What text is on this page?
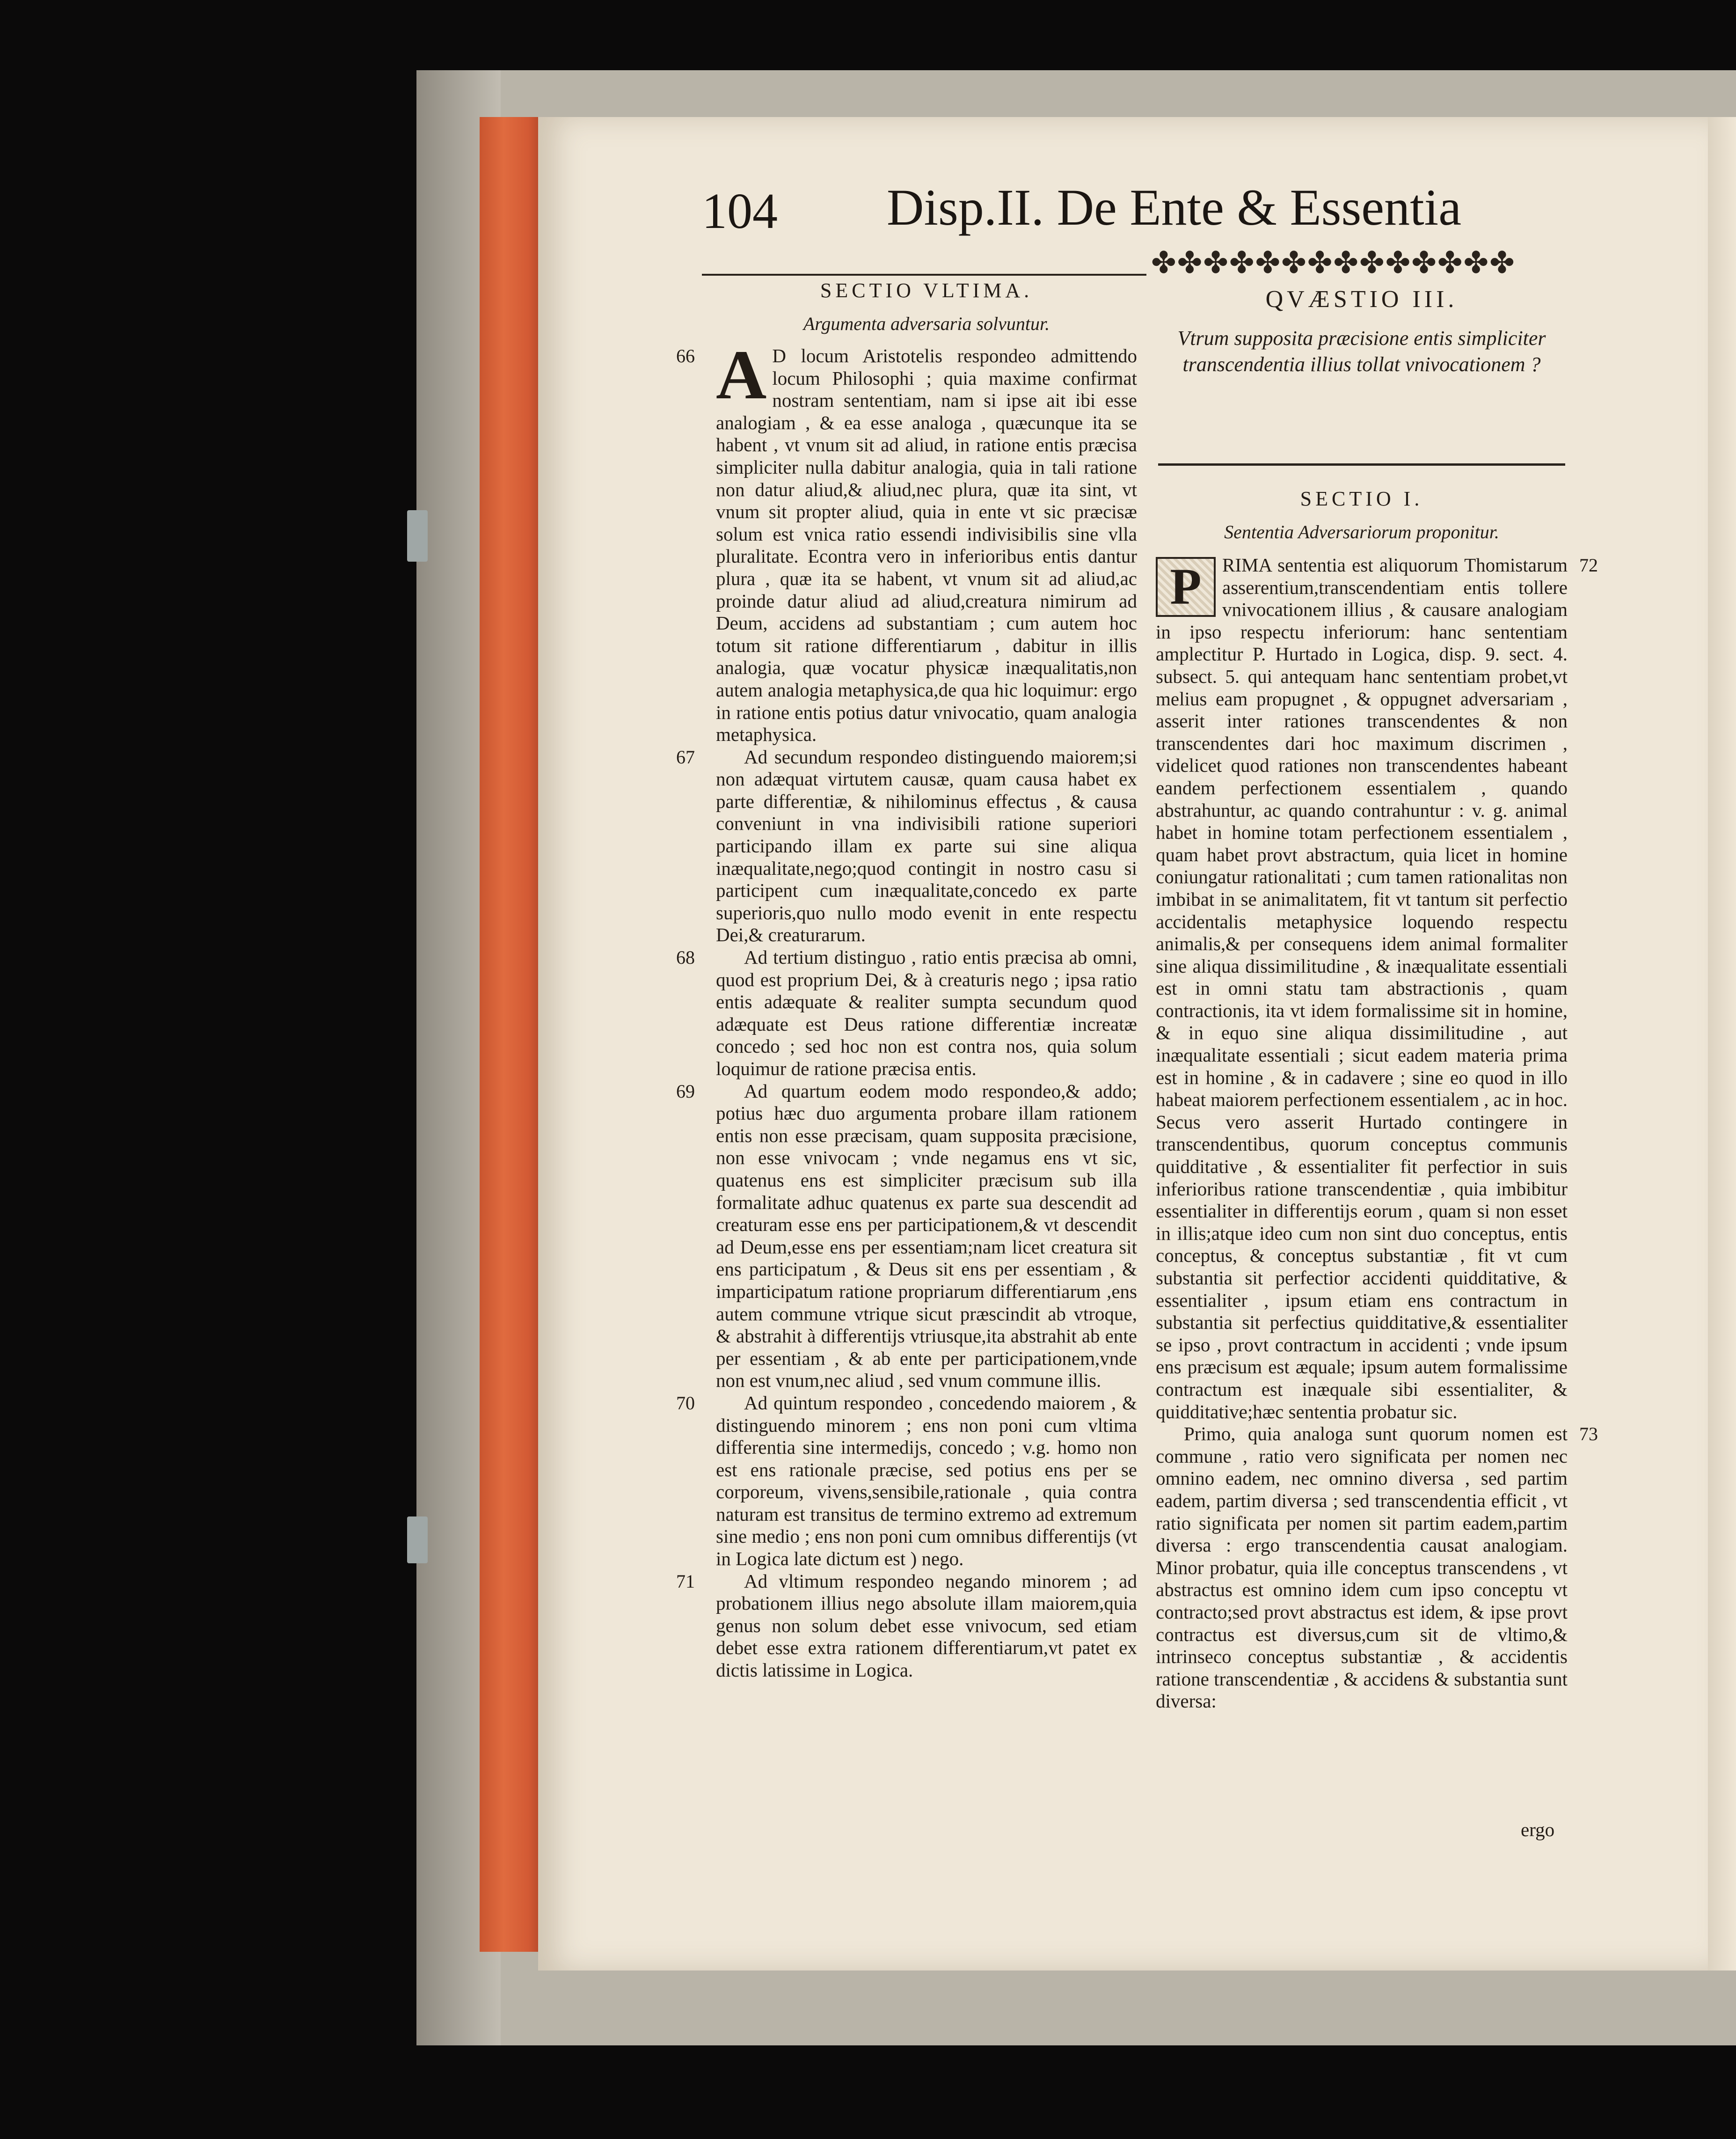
104 Disp.II. De Ente & Essentia
✤✤✤✤✤✤✤✤✤✤✤✤✤✤
SECTIO VLTIMA.
Argumenta adversaria solvuntur.

66 A D locum Aristotelis respondeo admittendo locum Philosophi ; quia maxime confirmat nostram sententiam, nam si ipse ait ibi esse analogiam , & ea esse analoga , quæcunque ita se habent , vt vnum sit ad aliud, in ratione entis præcisa simpliciter nulla dabitur analogia, quia in tali ratione non datur aliud,& aliud,nec plura, quæ ita sint, vt vnum sit propter aliud, quia in ente vt sic præcisæ solum est vnica ratio essendi indivisibilis sine vlla pluralitate. Econtra vero in inferioribus entis dantur plura , quæ ita se habent, vt vnum sit ad aliud,ac proinde datur aliud ad aliud,creatura nimirum ad Deum, accidens ad substantiam ; cum autem hoc totum sit ratione differentiarum , dabitur in illis analogia, quæ vocatur physicæ inæqualitatis,non autem analogia metaphysica,de qua hic loquimur: ergo in ratione entis potius datur vnivocatio, quam analogia metaphysica.

67	Ad secundum respondeo distinguendo maiorem;si non adæquat virtutem causæ, quam causa habet ex parte differentiæ, & nihilominus effectus , & causa conveniunt in vna indivisibili ratione superiori participando illam ex parte sui sine aliqua inæqualitate,nego;quod contingit in nostro casu si participent cum inæqualitate,concedo ex parte superioris,quo nullo modo evenit in ente respectu Dei,& creaturarum.

68	Ad tertium distinguo , ratio entis præcisa ab omni, quod est proprium Dei, & à creaturis nego ; ipsa ratio entis adæquate & realiter sumpta secundum quod adæquate est Deus ratione differentiæ increatæ concedo ; sed hoc non est contra nos, quia solum loquimur de ratione præcisa entis.

69	Ad quartum eodem modo respondeo,& addo; potius hæc duo argumenta probare illam rationem entis non esse præcisam, quam supposita præcisione, non esse vnivocam ; vnde negamus ens vt sic, quatenus ens est simpliciter præcisum sub illa formalitate adhuc quatenus ex parte sua descendit ad creaturam esse ens per participationem,& vt descendit ad Deum,esse ens per essentiam;nam licet creatura sit ens participatum , & Deus sit ens per essentiam , & imparticipatum ratione propriarum differentiarum ,ens autem commune vtrique sicut præscindit ab vtroque, & abstrahit à differentijs vtriusque,ita abstrahit ab ente per essentiam , & ab ente per participationem,vnde non est vnum,nec aliud , sed vnum commune illis.

70	Ad quintum respondeo , concedendo maiorem , & distinguendo minorem ; ens non poni cum vltima differentia sine intermedijs, concedo ; v.g. homo non est ens rationale præcise, sed potius ens per se corporeum, vivens,sensibile,rationale , quia contra naturam est transitus de termino extremo ad extremum sine medio ; ens non poni cum omnibus differentijs (vt in Logica late dictum est ) nego.

71	Ad vltimum respondeo negando minorem ; ad probationem illius nego absolute illam maiorem,quia genus non solum debet esse vnivocum, sed etiam debet esse extra rationem differentiarum,vt patet ex dictis latissime in Logica.

QVÆSTIO III.
Vtrum supposita præcisione entis simpliciter transcendentia illius tollat vnivocationem ?
SECTIO I.
Sententia Adversariorum proponitur.

72
P	RIMA sententia est aliquorum Thomistarum asserentium,transcendentiam entis tollere vnivocationem illius , & causare analogiam in ipso respectu inferiorum: hanc sententiam amplectitur P. Hurtado in Logica, disp. 9. sect. 4. subsect. 5. qui antequam hanc sententiam probet,vt melius eam propugnet , & oppugnet adversariam , asserit inter rationes transcendentes & non transcendentes dari hoc maximum discrimen , videlicet quod rationes non transcendentes habeant eandem perfectionem essentialem , quando abstrahuntur, ac quando contrahuntur : v. g. animal habet in homine totam perfectionem essentialem , quam habet provt abstractum, quia licet in homine coniungatur rationalitati ; cum tamen rationalitas non imbibat in se animalitatem, fit vt tantum sit perfectio accidentalis metaphysice loquendo respectu animalis,& per consequens idem animal formaliter sine aliqua dissimilitudine , & inæqualitate essentiali est in omni statu tam abstractionis , quam contractionis, ita vt idem formalissime sit in homine, & in equo sine aliqua dissimilitudine , aut inæqualitate essentiali ; sicut eadem materia prima est in homine , & in cadavere ; sine eo quod in illo habeat maiorem perfectionem essentialem , ac in hoc. Secus vero asserit Hurtado contingere in transcendentibus, quorum conceptus communis quidditative , & essentialiter fit perfectior in suis inferioribus ratione transcendentiæ , quia imbibitur essentialiter in differentijs eorum , quam si non esset in illis;atque ideo cum non sint duo conceptus, entis conceptus, & conceptus substantiæ , fit vt cum substantia sit perfectior accidenti quidditative, & essentialiter , ipsum etiam ens contractum in substantia sit perfectius quidditative,& essentialiter se ipso , provt contractum in accidenti ; vnde ipsum ens præcisum est æquale; ipsum autem formalissime contractum est inæquale sibi essentialiter, & quidditative;hæc sententia probatur sic.

73
Primo, quia analoga sunt quorum nomen est commune , ratio vero significata per nomen nec omnino eadem, nec omnino diversa , sed partim eadem, partim diversa ; sed transcendentia efficit , vt ratio significata per nomen sit partim eadem,partim diversa : ergo transcendentia causat analogiam. Minor probatur, quia ille conceptus transcendens , vt abstractus est omnino idem cum ipso conceptu vt contracto;sed provt abstractus est idem, & ipse provt contractus est diversus,cum sit de vltimo,& intrinseco conceptus substantiæ , & accidentis ratione transcendentiæ , & accidens & substantia sunt diversa:

ergo
